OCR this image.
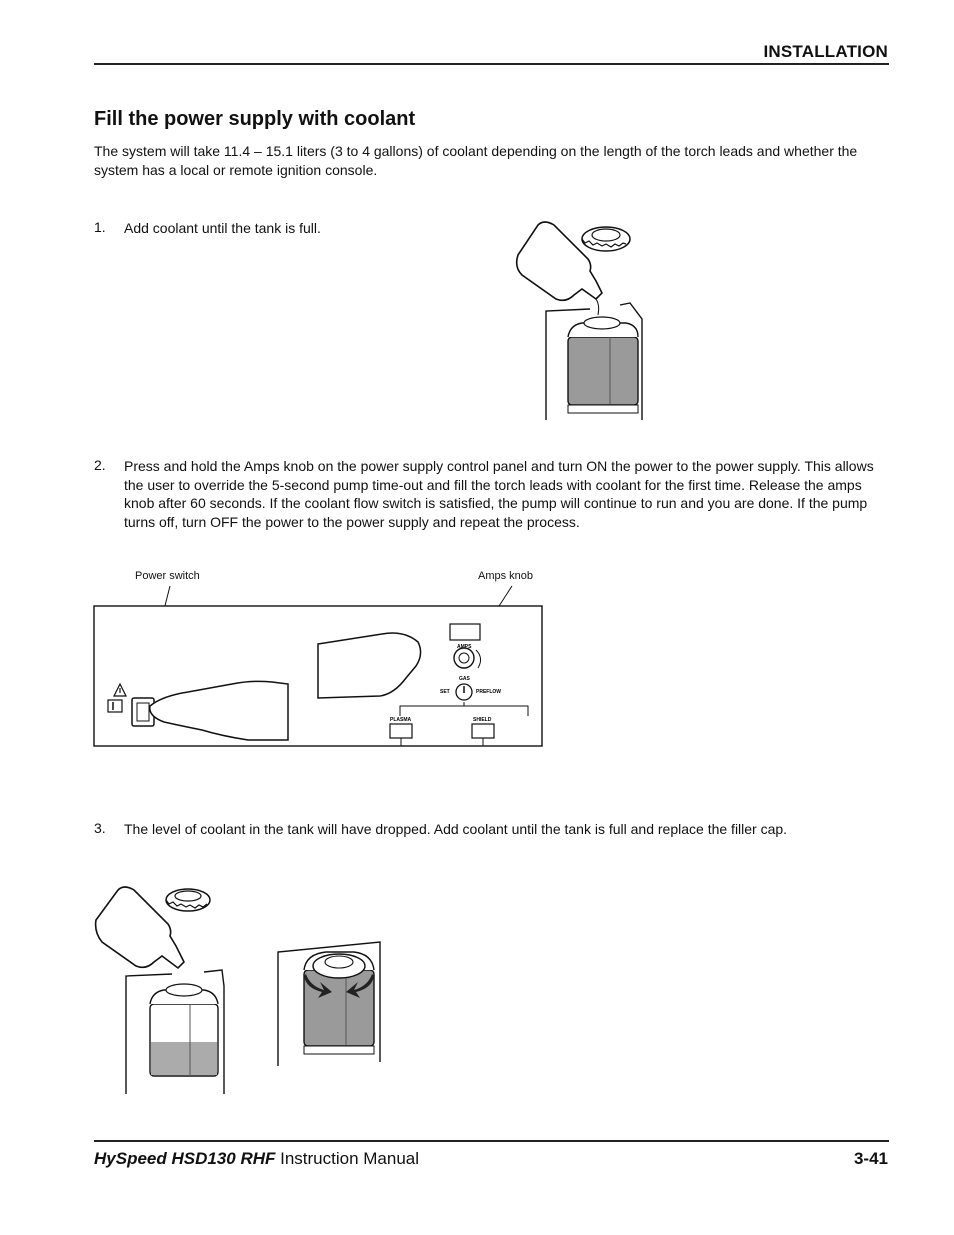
INSTALLATION
Fill the power supply with coolant
The system will take 11.4 – 15.1 liters (3 to 4 gallons) of coolant depending on the length of the torch leads and whether the system has a local or remote ignition console.
1. Add coolant until the tank is full.
2. Press and hold the Amps knob on the power supply control panel and turn ON the power to the power supply. This allows the user to override the 5-second pump time-out and fill the torch leads with coolant for the first time. Release the amps knob after 60 seconds. If the coolant flow switch is satisfied, the pump will continue to run and you are done. If the pump turns off, turn OFF the power to the power supply and repeat the process.
Power switch	Amps knob
AMPS
GAS
SET	PREFLOW
PLASMA	SHIELD
3. The level of coolant in the tank will have dropped. Add coolant until the tank is full and replace the filler cap.
HySpeed HSD130 RHF Instruction Manual	3-41
